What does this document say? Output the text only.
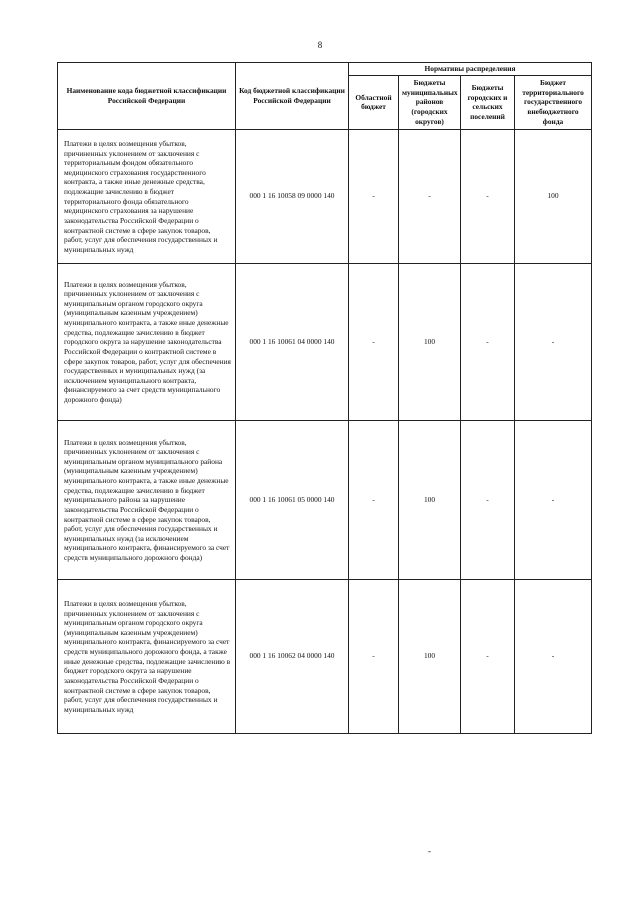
8
Наименование кода бюджетной классификации Российской Федерации	Код бюджетной классификации Российской Федерации	Нормативы распределения			
		Областной бюджет	Бюджеты муниципальных районов (городских округов)	Бюджеты городских и сельских поселений	Бюджет территориального государственного внебюджетного фонда
Платежи в целях возмещения убытков, причиненных уклонением от заключения с территориальным фондом обязательного медицинского страхования государственного контракта, а также иные денежные средства, подлежащие зачислению в бюджет территориального фонда обязательного медицинского страхования за нарушение законодательства Российской Федерации о контрактной системе в сфере закупок товаров, работ, услуг для обеспечения государственных и муниципальных нужд	000 1 16 10058 09 0000 140	-	-	-	100
Платежи в целях возмещения убытков, причиненных уклонением от заключения с муниципальным органом городского округа (муниципальным казенным учреждением) муниципального контракта, а также иные денежные средства, подлежащие зачислению в бюджет городского округа за нарушение законодательства Российской Федерации о контрактной системе в сфере закупок товаров, работ, услуг для обеспечения государственных и муниципальных нужд (за исключением муниципального контракта, финансируемого за счет средств муниципального дорожного фонда)	000 1 16 10061 04 0000 140	-	100	-	-
Платежи в целях возмещения убытков, причиненных уклонением от заключения с муниципальным органом муниципального района (муниципальным казенным учреждением) муниципального контракта, а также иные денежные средства, подлежащие зачислению в бюджет муниципального района за нарушение законодательства Российской Федерации о контрактной системе в сфере закупок товаров, работ, услуг для обеспечения государственных и муниципальных нужд (за исключением муниципального контракта, финансируемого за счет средств муниципального дорожного фонда)	000 1 16 10061 05 0000 140	-	100	-	-
Платежи в целях возмещения убытков, причиненных уклонением от заключения с муниципальным органом городского округа (муниципальным казенным учреждением) муниципального контракта, финансируемого за счет средств муниципального дорожного фонда, а также иные денежные средства, подлежащие зачислению в бюджет городского округа за нарушение законодательства Российской Федерации о контрактной системе в сфере закупок товаров, работ, услуг для обеспечения государственных и муниципальных нужд	000 1 16 10062 04 0000 140	-	100	-	-
-
